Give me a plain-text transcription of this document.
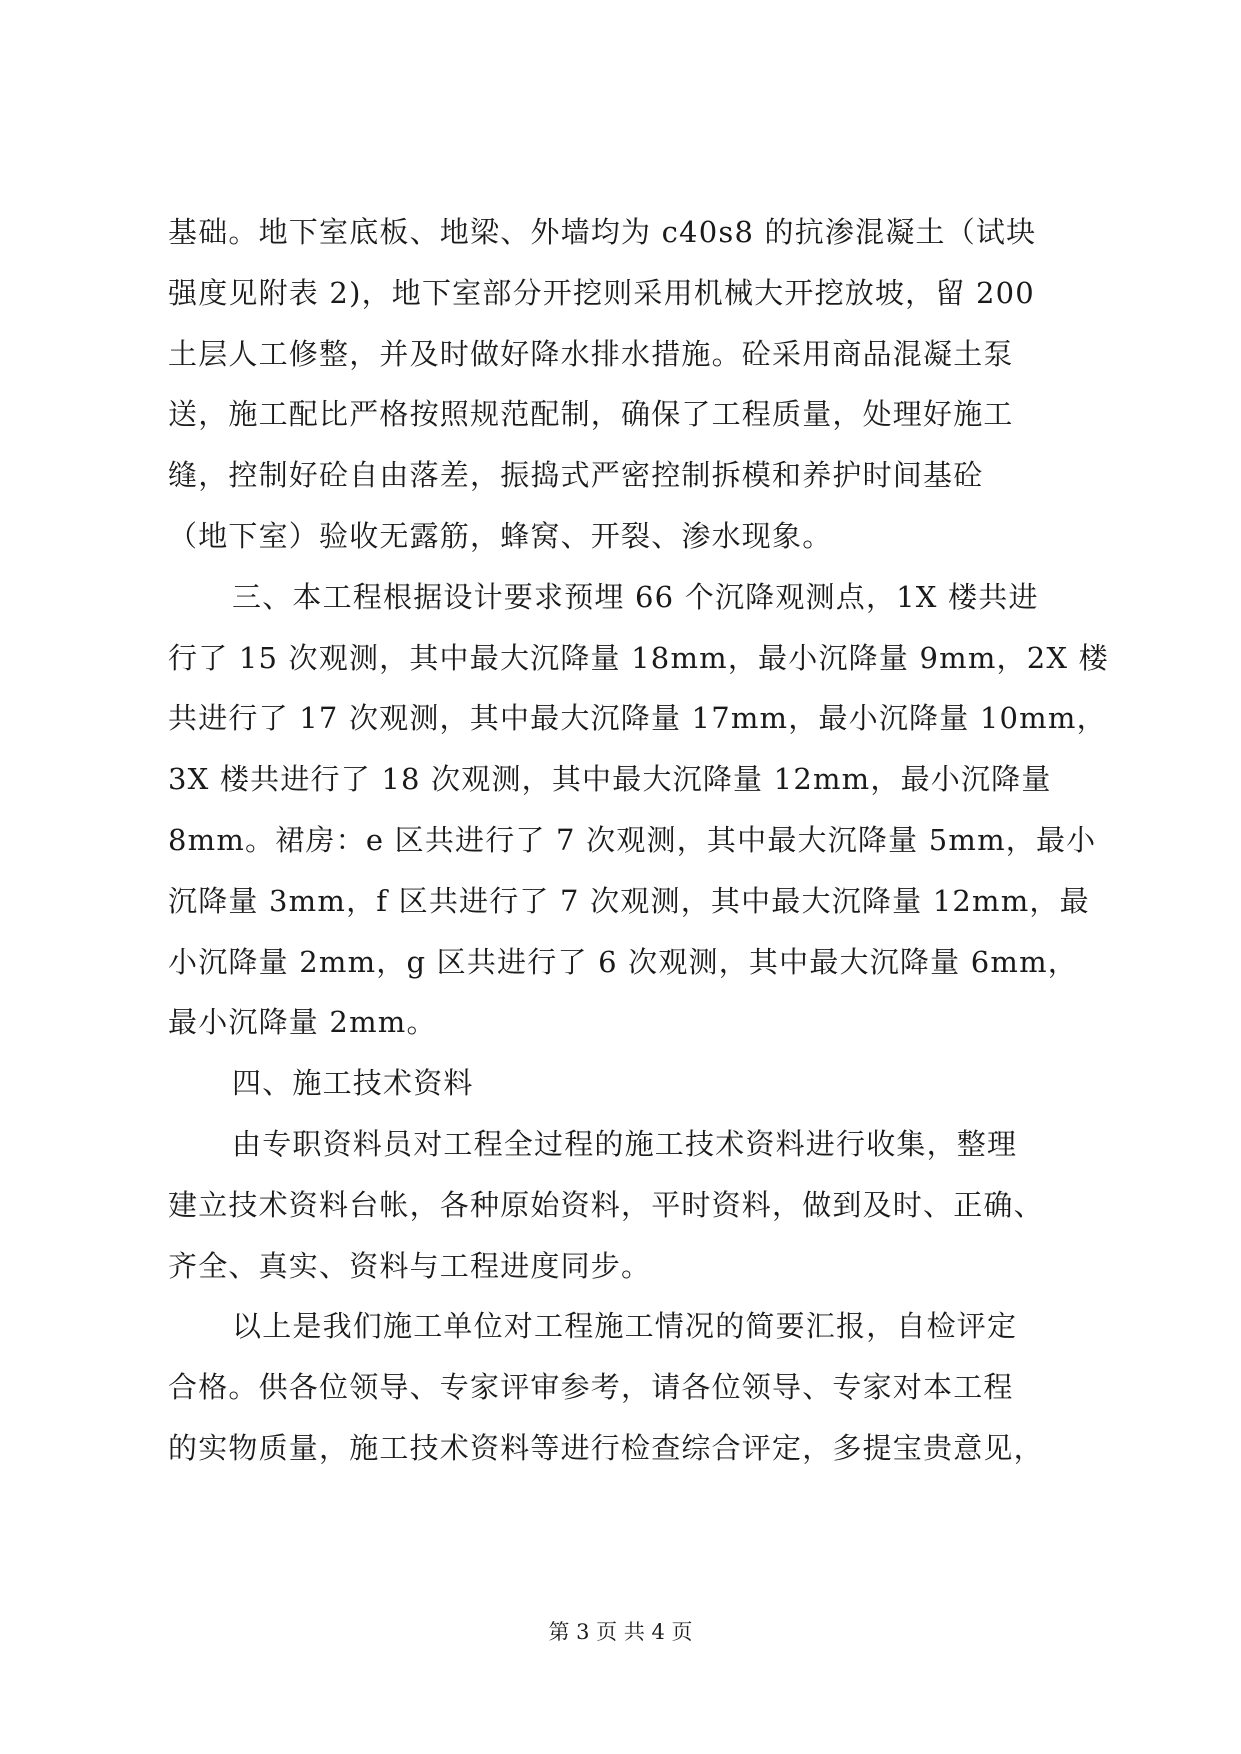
基础。地下室底板、地梁、外墙均为 c40s8 的抗渗混凝土（试块
强度见附表 2)，地下室部分开挖则采用机械大开挖放坡，留 200
土层人工修整，并及时做好降水排水措施。砼采用商品混凝土泵
送，施工配比严格按照规范配制，确保了工程质量，处理好施工
缝，控制好砼自由落差，振捣式严密控制拆模和养护时间基砼
（地下室）验收无露筋，蜂窝、开裂、渗水现象。
三、本工程根据设计要求预埋 66 个沉降观测点，1X 楼共进
行了 15 次观测，其中最大沉降量 18mm，最小沉降量 9mm，2X 楼
共进行了 17 次观测，其中最大沉降量 17mm，最小沉降量 10mm，
3X 楼共进行了 18 次观测，其中最大沉降量 12mm，最小沉降量
8mm。裙房：e 区共进行了 7 次观测，其中最大沉降量 5mm，最小
沉降量 3mm，f 区共进行了 7 次观测，其中最大沉降量 12mm，最
小沉降量 2mm，g 区共进行了 6 次观测，其中最大沉降量 6mm，
最小沉降量 2mm。
四、施工技术资料
由专职资料员对工程全过程的施工技术资料进行收集，整理
建立技术资料台帐，各种原始资料，平时资料，做到及时、正确、
齐全、真实、资料与工程进度同步。
以上是我们施工单位对工程施工情况的简要汇报，自检评定
合格。供各位领导、专家评审参考，请各位领导、专家对本工程
的实物质量，施工技术资料等进行检查综合评定，多提宝贵意见，
第 3 页 共 4 页
